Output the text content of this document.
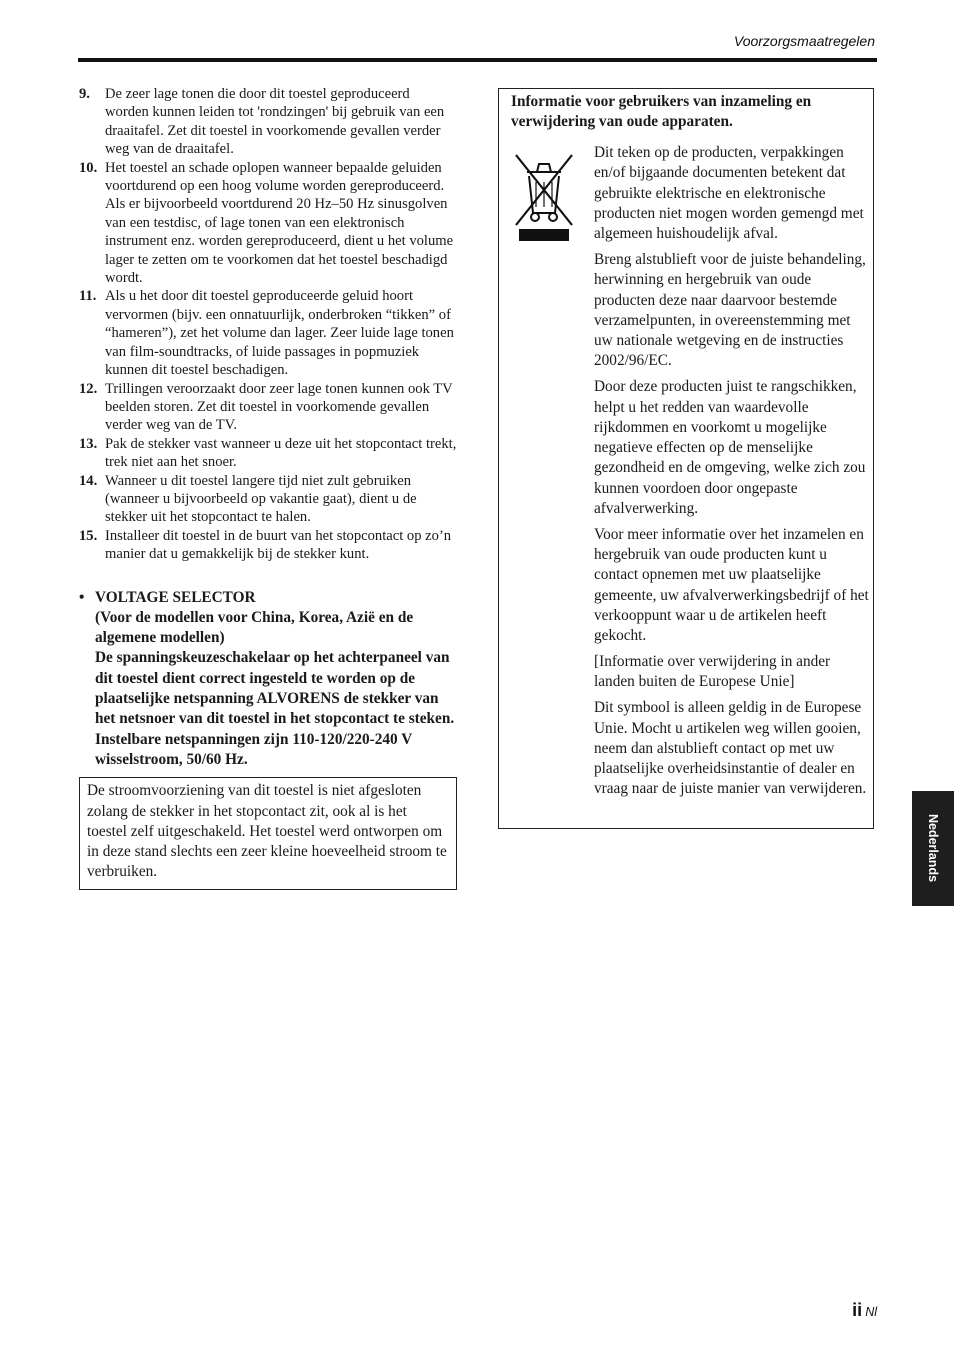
Voorzorgsmaatregelen
9.	De zeer lage tonen die door dit toestel geproduceerd worden kunnen leiden tot 'rondzingen' bij gebruik van een draaitafel. Zet dit toestel in voorkomende gevallen verder weg van de draaitafel.
10. Het toestel an schade oplopen wanneer bepaalde geluiden voortdurend op een hoog volume worden gereproduceerd. Als er bijvoorbeeld voortdurend 20 Hz–50 Hz sinusgolven van een testdisc, of lage tonen van een elektronisch instrument enz. worden gereproduceerd, dient u het volume lager te zetten om te voorkomen dat het toestel beschadigd wordt.
11. Als u het door dit toestel geproduceerde geluid hoort vervormen (bijv. een onnatuurlijk, onderbroken “tikken” of “hameren”), zet het volume dan lager. Zeer luide lage tonen van film-soundtracks, of luide passages in popmuziek kunnen dit toestel beschadigen.
12. Trillingen veroorzaakt door zeer lage tonen kunnen ook TV beelden storen. Zet dit toestel in voorkomende gevallen verder weg van de TV.
13. Pak de stekker vast wanneer u deze uit het stopcontact trekt, trek niet aan het snoer.
14. Wanneer u dit toestel langere tijd niet zult gebruiken (wanneer u bijvoorbeeld op vakantie gaat), dient u de stekker uit het stopcontact te halen.
15. Installeer dit toestel in de buurt van het stopcontact op zo’n manier dat u gemakkelijk bij de stekker kunt.
• VOLTAGE SELECTOR
(Voor de modellen voor China, Korea, Azië en de algemene modellen)
De spanningskeuzeschakelaar op het achterpaneel van dit toestel dient correct ingesteld te worden op de plaatselijke netspanning ALVORENS de stekker van het netsnoer van dit toestel in het stopcontact te steken. Instelbare netspanningen zijn 110-120/220-240 V wisselstroom, 50/60 Hz.
De stroomvoorziening van dit toestel is niet afgesloten zolang de stekker in het stopcontact zit, ook al is het toestel zelf uitgeschakeld. Het toestel werd ontworpen om in deze stand slechts een zeer kleine hoeveelheid stroom te verbruiken.
Informatie voor gebruikers van inzameling en verwijdering van oude apparaten.

Dit teken op de producten, verpakkingen en/of bijgaande documenten betekent dat gebruikte elektrische en elektronische producten niet mogen worden gemengd met algemeen huishoudelijk afval.

Breng alstublieft voor de juiste behandeling, herwinning en hergebruik van oude producten deze naar daarvoor bestemde verzamelpunten, in overeenstemming met uw nationale wetgeving en de instructies 2002/96/EC.

Door deze producten juist te rangschikken, helpt u het redden van waardevolle rijkdommen en voorkomt u mogelijke negatieve effecten op de menselijke gezondheid en de omgeving, welke zich zou kunnen voordoen door ongepaste afvalverwerking.

Voor meer informatie over het inzamelen en hergebruik van oude producten kunt u contact opnemen met uw plaatselijke gemeente, uw afvalverwerkingsbedrijf of het verkooppunt waar u de artikelen heeft gekocht.

[Informatie over verwijdering in ander landen buiten de Europese Unie]

Dit symbool is alleen geldig in de Europese Unie. Mocht u artikelen weg willen gooien, neem dan alstublieft contact op met uw plaatselijke overheidsinstantie of dealer en vraag naar de juiste manier van verwijderen.

Nederlands
ii Nl
